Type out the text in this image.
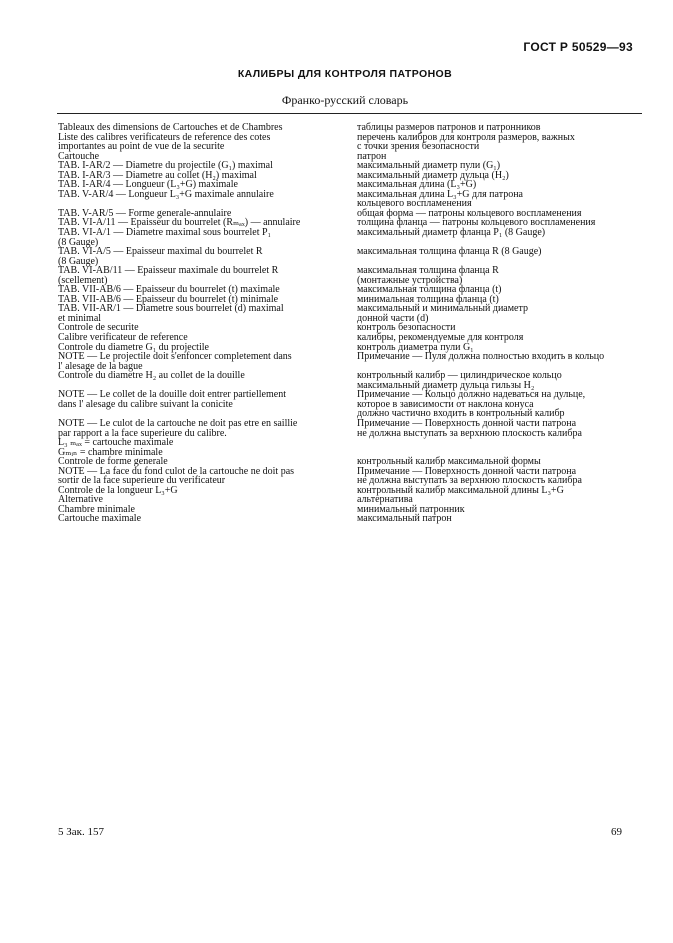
ГОСТ Р 50529—93
КАЛИБРЫ ДЛЯ КОНТРОЛЯ ПАТРОНОВ
Франко-русский словарь
Tableaux des dimensions de Cartouches et de Chambres
Liste des calibres verificateurs de reference des cotes
importantes au point de vue de la securite
Cartouche
TAB. I-AR/2 — Diametre du projectile (G₁) maximal
TAB. I-AR/3 — Diametre au collet (H₂) maximal
TAB. I-AR/4 — Longueur (L₃+G) maximale
TAB. V-AR/4 — Longueur L₃+G maximale annulaire
TAB. V-AR/5 — Forme generale-annulaire
TAB. VI-A/11 — Epaisseur du bourrelet (Rₘₐₓ) — annulaire
TAB. VI-A/1 — Diametre maximal sous bourrelet P₁
(8 Gauge)
TAB. VI-A/5 — Epaisseur maximal du bourrelet R
(8 Gauge)
TAB. VI-AB/11 — Epaisseur maximale du bourrelet R
(scellement)
TAB. VII-AB/6 — Epaisseur du bourrelet (t) maximale
TAB. VII-AB/6 — Epaisseur du bourrelet (t) minimale
TAB. VII-AR/1 — Diametre sous bourrelet (d) maximal
et minimal
Controle de securite
Calibre verificateur de reference
Controle du diametre G₁ du projectile
NOTE — Le projectile doit s'enfoncer completement dans
l' alesage de la bague
Controle du diametre H₂ au collet de la douille
NOTE — Le collet de la douille doit entrer partiellement
dans l' alesage du calibre suivant la conicite
NOTE — Le culot de la cartouche ne doit pas etre en saillie
par rapport a la face superieure du calibre.
L₃ ₘₐₓ = cartouche maximale
Gₘᵢₙ = chambre minimale
Controle de forme generale
NOTE — La face du fond culot de la cartouche ne doit pas
sortir de la face superieure du verificateur
Controle de la longueur L₃+G
Alternative
Chambre minimale
Cartouche maximale
таблицы размеров патронов и патронников
перечень калибров для контроля размеров, важных
с точки зрения безопасности
патрон
максимальный диаметр пули (G₁)
максимальный диаметр дульца (H₂)
максимальная длина (L₃+G)
максимальная длина L₃+G для патрона
кольцевого воспламенения
общая форма — патроны кольцевого воспламенения
толщина фланца — патроны кольцевого воспламенения
максимальный диаметр фланца P₁ (8 Gauge)
максимальная толщина фланца R (8 Gauge)
максимальная толщина фланца R
(монтажные устройства)
максимальная толщина фланца (t)
минимальная толщина фланца (t)
максимальный и минимальный диаметр
донной части (d)
контроль безопасности
калибры, рекомендуемые для контроля
контроль диаметра пули G₁
Примечание — Пуля должна полностью входить в кольцо
контрольный калибр — цилиндрическое кольцо
максимальный диаметр дульца гильзы H₂
Примечание — Кольцо должно надеваться на дульце,
которое в зависимости от наклона конуса
должно частично входить в контрольный калибр
Примечание — Поверхность донной части патрона
не должна выступать за верхнюю плоскость калибра
контрольный калибр максимальной формы
Примечание — Поверхность донной части патрона
не должна выступать за верхнюю плоскость калибра
контрольный калибр максимальной длины L₃+G
альтернатива
минимальный патронник
максимальный патрон
5 Зак. 157	69
